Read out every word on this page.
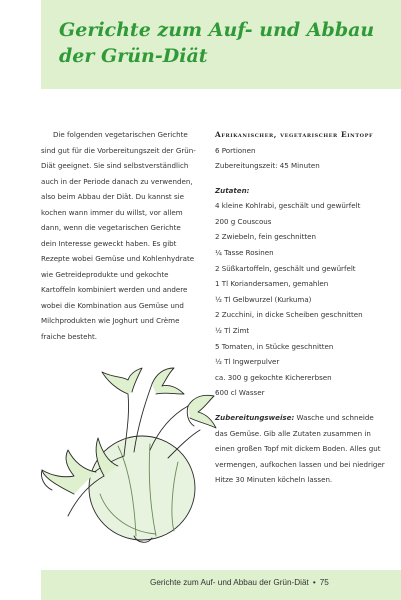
Gerichte zum Auf- und Abbau
der Grün-Diät

Die folgenden vegetarischen Gerichte sind gut für die Vorbereitungszeit der Grün-Diät geeignet. Sie sind selbstverständlich auch in der Periode danach zu verwenden, also beim Abbau der Diät. Du kannst sie kochen wann immer du willst, vor allem dann, wenn die vegetarischen Gerichte dein Interesse geweckt haben. Es gibt Rezepte wobei Gemüse und Kohlenhydrate wie Getreideprodukte und gekochte Kartoffeln kombiniert werden und andere wobei die Kombination aus Gemüse und Milchprodukten wie Joghurt und Crème fraiche besteht.

Afrikanischer, vegetarischer Eintopf
6 Portionen
Zubereitungszeit: 45 Minuten
Zutaten:
4 kleine Kohlrabi, geschält und gewürfelt
200 g Couscous
2 Zwiebeln, fein geschnitten
¼ Tasse Rosinen
2 Süßkartoffeln, geschält und gewürfelt
1 Tl Koriandersamen, gemahlen
½ Tl Gelbwurzel (Kurkuma)
2 Zucchini, in dicke Scheiben geschnitten
½ Tl Zimt
5 Tomaten, in Stücke geschnitten
½ Tl Ingwerpulver
ca. 300 g gekochte Kichererbsen
600 cl Wasser

Zubereitungsweise: Wasche und schneide das Gemüse. Gib alle Zutaten zusammen in einen großen Topf mit dickem Boden. Alles gut vermengen, aufkochen lassen und bei niedriger Hitze 30 Minuten köcheln lassen.

Gerichte zum Auf- und Abbau der Grün-Diät • 75
